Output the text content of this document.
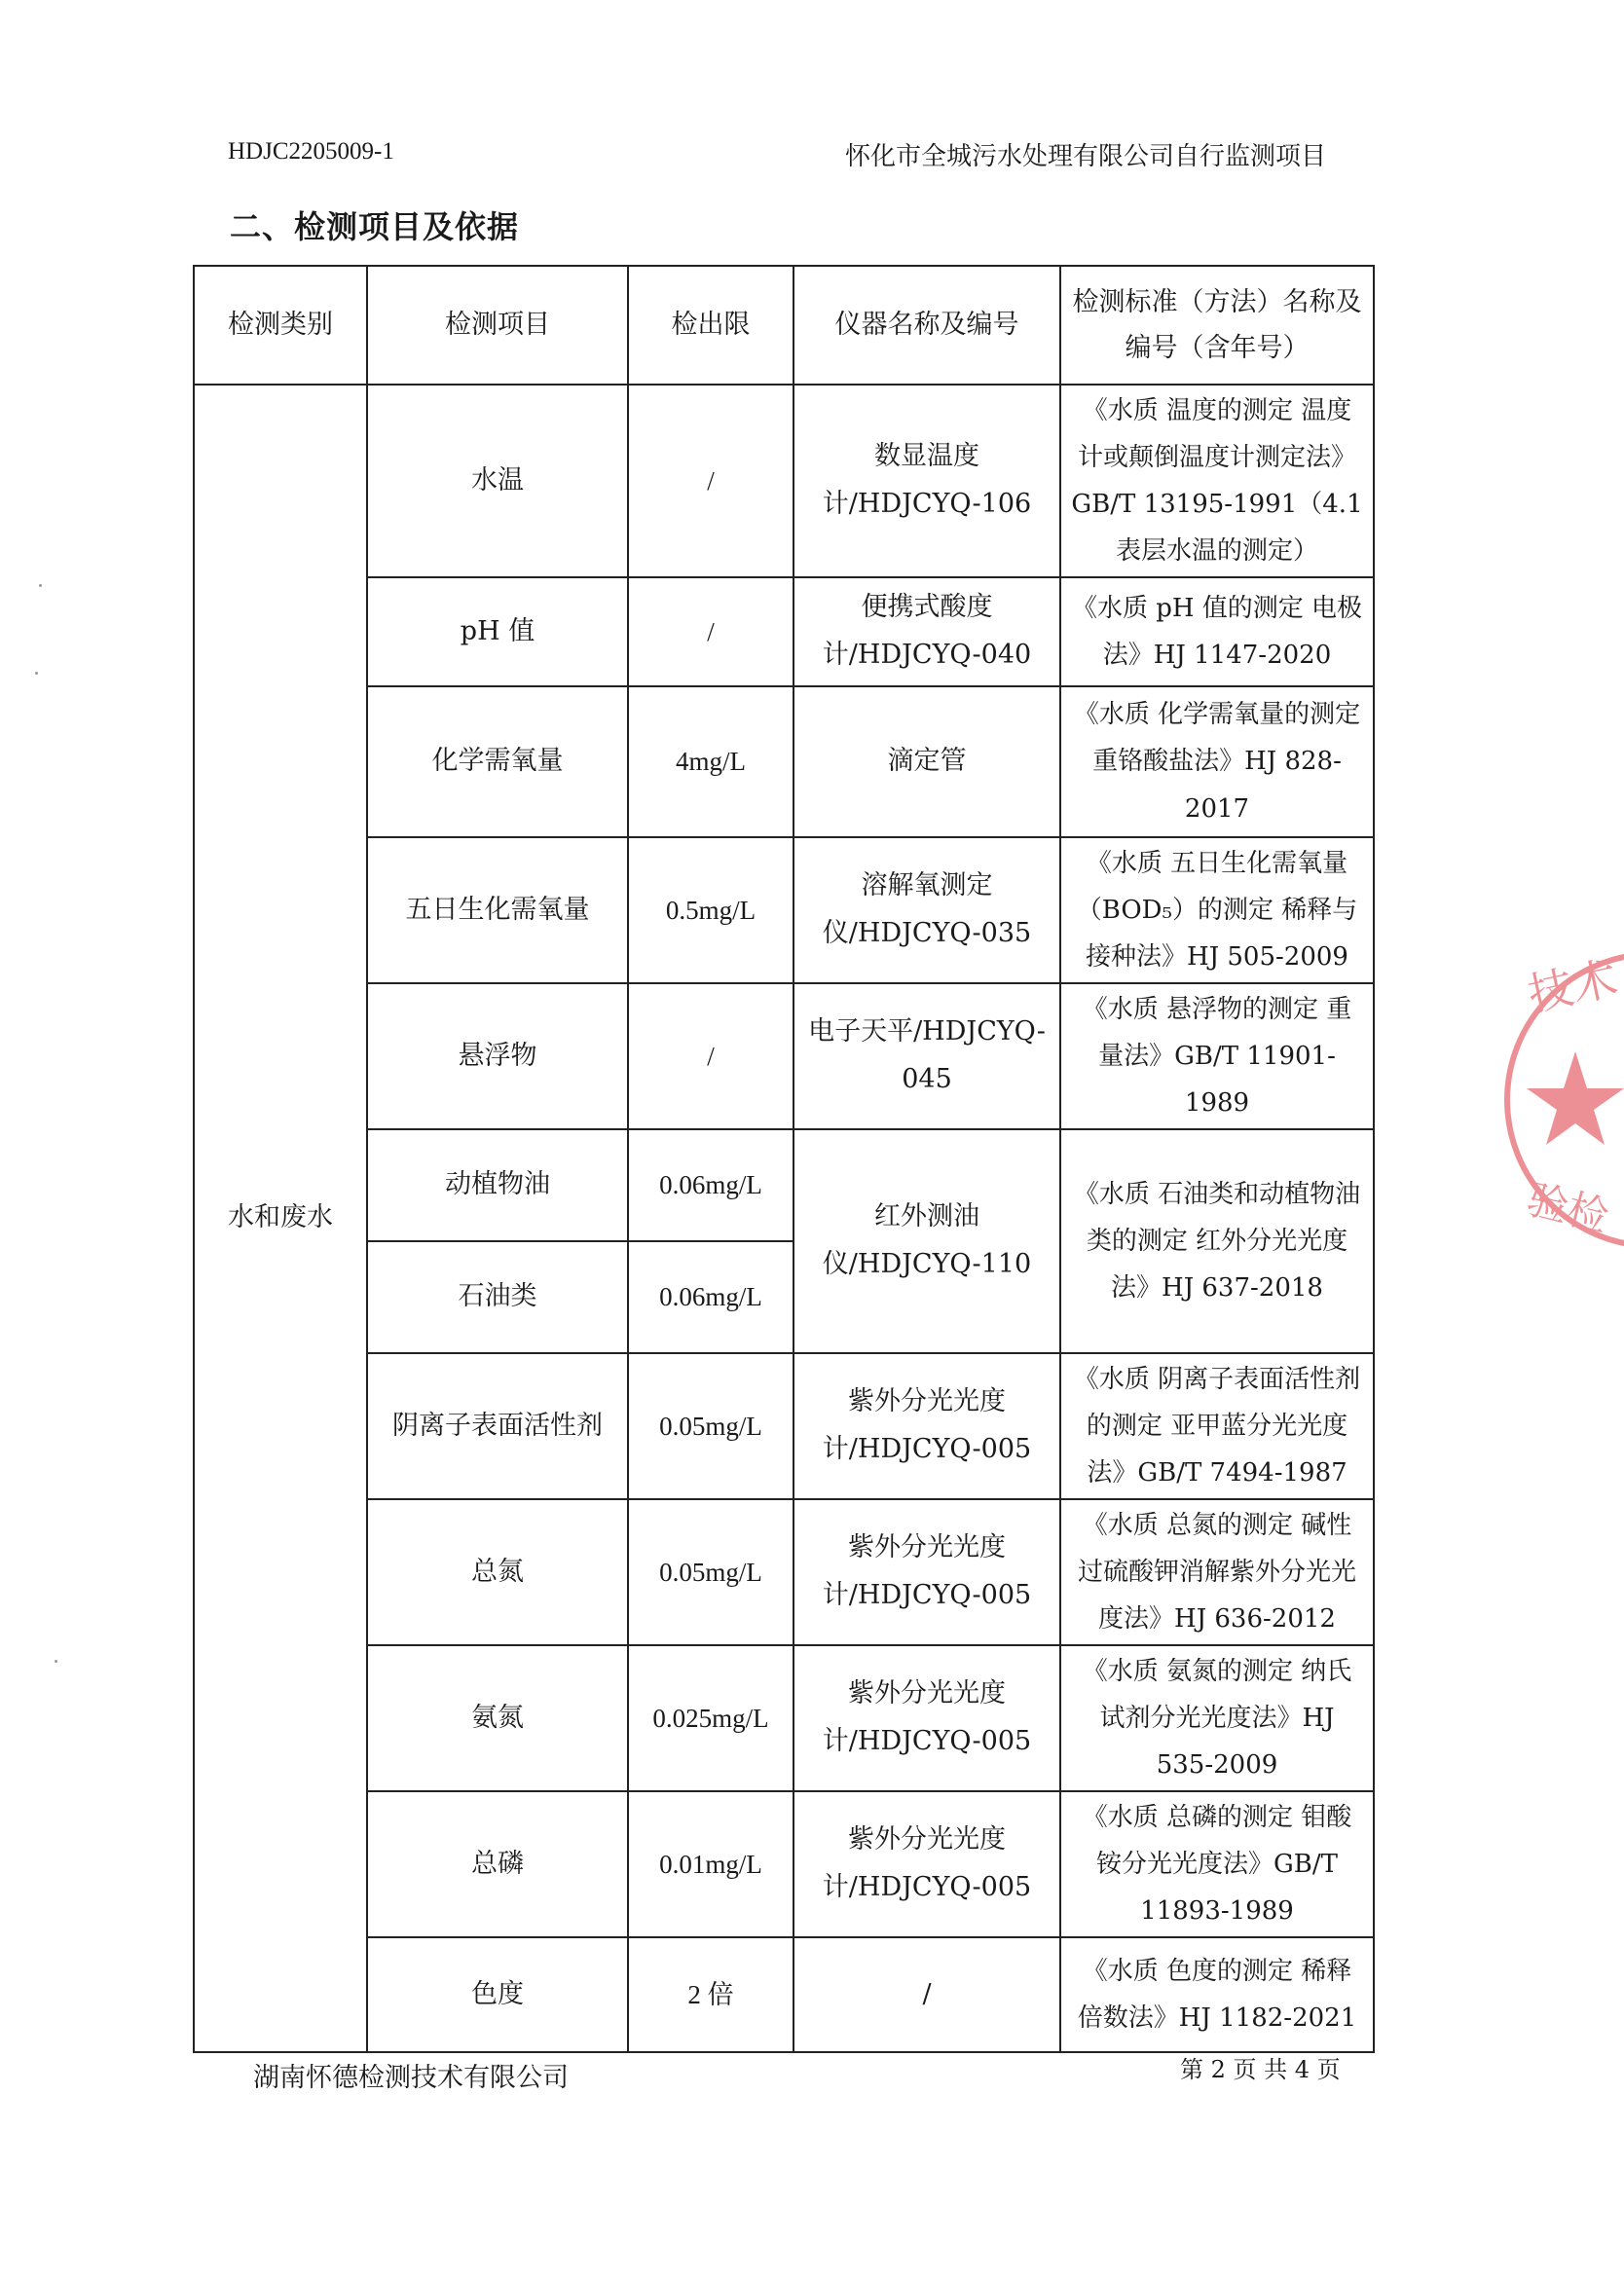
HDJC2205009-1	怀化市全城污水处理有限公司自行监测项目
二、检测项目及依据
检测类别	检测项目	检出限	仪器名称及编号	检测标准（方法）名称及编号（含年号）
水和废水	水温	/	数显温度计/HDJCYQ-106	《水质 温度的测定 温度计或颠倒温度计测定法》GB/T 13195-1991（4.1表层水温的测定）
	pH 值	/	便携式酸度计/HDJCYQ-040	《水质 pH 值的测定 电极法》HJ 1147-2020
	化学需氧量	4mg/L	滴定管	《水质 化学需氧量的测定 重铬酸盐法》HJ 828-2017
	五日生化需氧量	0.5mg/L	溶解氧测定仪/HDJCYQ-035	《水质 五日生化需氧量（BOD₅）的测定 稀释与接种法》HJ 505-2009
	悬浮物	/	电子天平/HDJCYQ-045	《水质 悬浮物的测定 重量法》GB/T 11901-1989
	动植物油	0.06mg/L	红外测油仪/HDJCYQ-110	《水质 石油类和动植物油类的测定 红外分光光度法》HJ 637-2018
	石油类	0.06mg/L		
	阴离子表面活性剂	0.05mg/L	紫外分光光度计/HDJCYQ-005	《水质 阴离子表面活性剂的测定 亚甲蓝分光光度法》GB/T 7494-1987
	总氮	0.05mg/L	紫外分光光度计/HDJCYQ-005	《水质 总氮的测定 碱性过硫酸钾消解紫外分光光度法》HJ 636-2012
	氨氮	0.025mg/L	紫外分光光度计/HDJCYQ-005	《水质 氨氮的测定 纳氏试剂分光光度法》HJ 535-2009
	总磷	0.01mg/L	紫外分光光度计/HDJCYQ-005	《水质 总磷的测定 钼酸铵分光光度法》GB/T 11893-1989
	色度	2 倍	/	《水质 色度的测定 稀释倍数法》HJ 1182-2021
湖南怀德检测技术有限公司	第 2 页 共 4 页
技术
验检
